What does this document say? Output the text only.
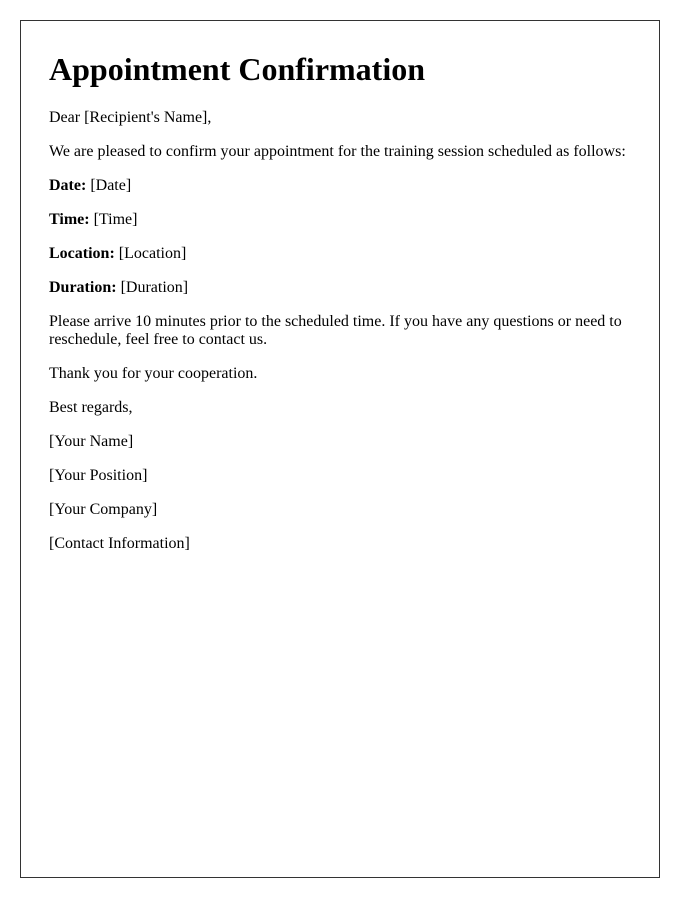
Appointment Confirmation

Dear [Recipient's Name],

We are pleased to confirm your appointment for the training session scheduled as follows:

Date: [Date]

Time: [Time]

Location: [Location]

Duration: [Duration]

Please arrive 10 minutes prior to the scheduled time. If you have any questions or need to reschedule, feel free to contact us.

Thank you for your cooperation.

Best regards,

[Your Name]

[Your Position]

[Your Company]

[Contact Information]
